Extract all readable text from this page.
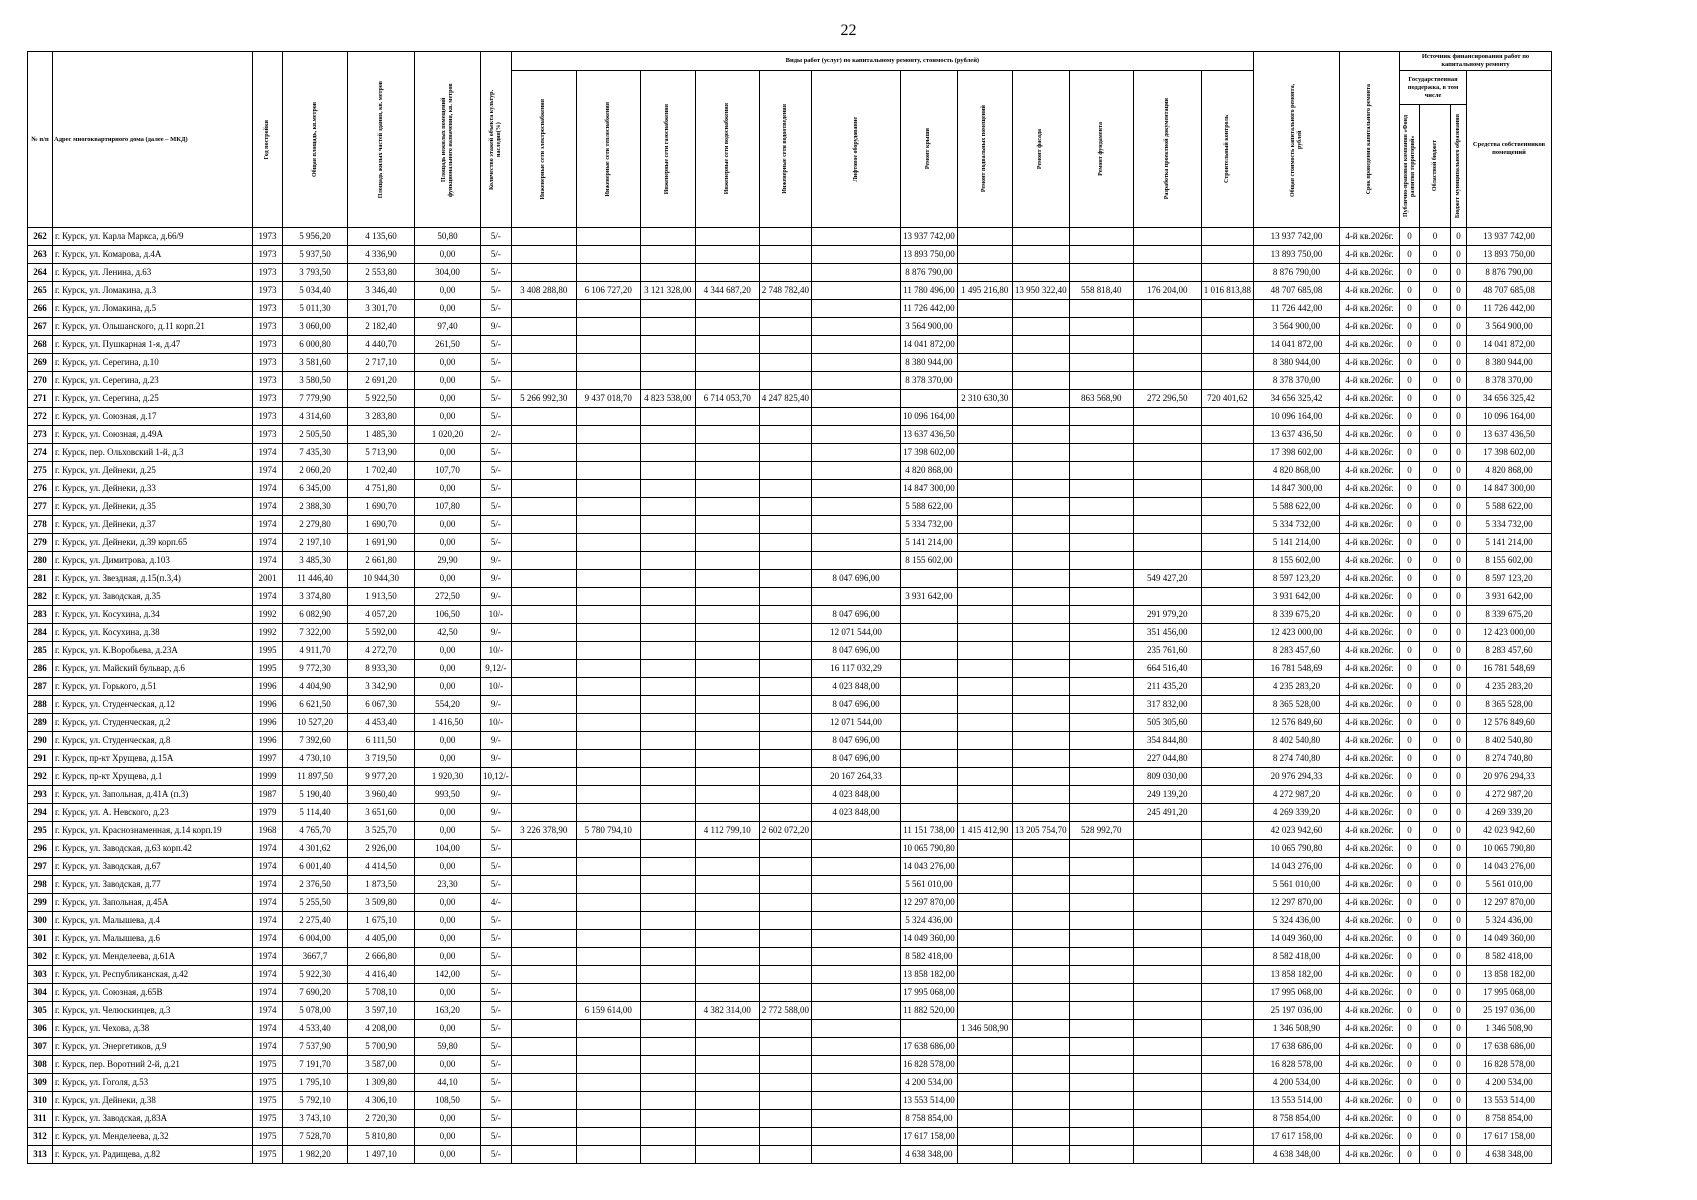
22
№ п/п	Адрес многоквартирного дома (далее – МКД)	Год постройки	Общая площадь, кв.метров	Площадь жилых частей здания, кв. метров	Площадь нежилых помещений функционального назначения, кв. метров	Количество этажей объекта культур. наследия(%)	Виды работ (услуг) по капитальному ремонту, стоимость (рублей)												Общая стоимость капитального ремонта, рублей	Срок проведения капитального ремонта	Источник финансирования работ по капитальному ремонту			

							Инженерные сети электроснабжения	Инженерные сети теплоснабжения	Инженерные сети газоснабжения	Инженерные сети водоснабжения	Инженерные сети водоотведения	Лифтовое оборудование	Ремонт крыши	Ремонт подвальных помещений	Ремонт фасада	Ремонт фундамента	Разработка проектной документации	Строительный контроль			Государственная поддержка, в том числе			Средства собственников помещений

																					Публично-правовая компания «Фонд развития территорий»	Областной бюджет	Бюджет муниципального образования	

262	г. Курск, ул. Карла Маркса, д.66/9	1973	5 956,20	4 135,60	50,80	5/-							13 937 742,00						13 937 742,00	4-й кв.2026г.	0	0	0	13 937 742,00
263	г. Курск, ул. Комарова, д.4А	1973	5 937,50	4 336,90	0,00	5/-							13 893 750,00						13 893 750,00	4-й кв.2026г.	0	0	0	13 893 750,00
264	г. Курск, ул. Ленина, д.63	1973	3 793,50	2 553,80	304,00	5/-							8 876 790,00						8 876 790,00	4-й кв.2026г.	0	0	0	8 876 790,00
265	г. Курск, ул. Ломакина, д.3	1973	5 034,40	3 346,40	0,00	5/-	3 408 288,80	6 106 727,20	3 121 328,00	4 344 687,20	2 748 782,40		11 780 496,00	1 495 216,80	13 950 322,40	558 818,40	176 204,00	1 016 813,88	48 707 685,08	4-й кв.2026г.	0	0	0	48 707 685,08
266	г. Курск, ул. Ломакина, д.5	1973	5 011,30	3 301,70	0,00	5/-							11 726 442,00						11 726 442,00	4-й кв.2026г.	0	0	0	11 726 442,00
267	г. Курск, ул. Ольшанского, д.11 корп.21	1973	3 060,00	2 182,40	97,40	9/-							3 564 900,00						3 564 900,00	4-й кв.2026г.	0	0	0	3 564 900,00
268	г. Курск, ул. Пушкарная 1-я, д.47	1973	6 000,80	4 440,70	261,50	5/-							14 041 872,00						14 041 872,00	4-й кв.2026г.	0	0	0	14 041 872,00
269	г. Курск, ул. Серегина, д.10	1973	3 581,60	2 717,10	0,00	5/-							8 380 944,00						8 380 944,00	4-й кв.2026г.	0	0	0	8 380 944,00
270	г. Курск, ул. Серегина, д.23	1973	3 580,50	2 691,20	0,00	5/-							8 378 370,00						8 378 370,00	4-й кв.2026г.	0	0	0	8 378 370,00
271	г. Курск, ул. Серегина, д.25	1973	7 779,90	5 922,50	0,00	5/-	5 266 992,30	9 437 018,70	4 823 538,00	6 714 053,70	4 247 825,40			2 310 630,30		863 568,90	272 296,50	720 401,62	34 656 325,42	4-й кв.2026г.	0	0	0	34 656 325,42
272	г. Курск, ул. Союзная, д.17	1973	4 314,60	3 283,80	0,00	5/-							10 096 164,00						10 096 164,00	4-й кв.2026г.	0	0	0	10 096 164,00
273	г. Курск, ул. Союзная, д.49А	1973	2 505,50	1 485,30	1 020,20	2/-							13 637 436,50						13 637 436,50	4-й кв.2026г.	0	0	0	13 637 436,50
274	г. Курск, пер. Ольховский 1-й, д.3	1974	7 435,30	5 713,90	0,00	5/-							17 398 602,00						17 398 602,00	4-й кв.2026г.	0	0	0	17 398 602,00
275	г. Курск, ул. Дейнеки, д.25	1974	2 060,20	1 702,40	107,70	5/-							4 820 868,00						4 820 868,00	4-й кв.2026г.	0	0	0	4 820 868,00
276	г. Курск, ул. Дейнеки, д.33	1974	6 345,00	4 751,80	0,00	5/-							14 847 300,00						14 847 300,00	4-й кв.2026г.	0	0	0	14 847 300,00
277	г. Курск, ул. Дейнеки, д.35	1974	2 388,30	1 690,70	107,80	5/-							5 588 622,00						5 588 622,00	4-й кв.2026г.	0	0	0	5 588 622,00
278	г. Курск, ул. Дейнеки, д.37	1974	2 279,80	1 690,70	0,00	5/-							5 334 732,00						5 334 732,00	4-й кв.2026г.	0	0	0	5 334 732,00
279	г. Курск, ул. Дейнеки, д.39 корп.65	1974	2 197,10	1 691,90	0,00	5/-							5 141 214,00						5 141 214,00	4-й кв.2026г.	0	0	0	5 141 214,00
280	г. Курск, ул. Димитрова, д.103	1974	3 485,30	2 661,80	29,90	9/-							8 155 602,00						8 155 602,00	4-й кв.2026г.	0	0	0	8 155 602,00
281	г. Курск, ул. Звездная, д.15(п.3,4)	2001	11 446,40	10 944,30	0,00	9/-						8 047 696,00					549 427,20		8 597 123,20	4-й кв.2026г.	0	0	0	8 597 123,20
282	г. Курск, ул. Заводская, д.35	1974	3 374,80	1 913,50	272,50	9/-							3 931 642,00						3 931 642,00	4-й кв.2026г.	0	0	0	3 931 642,00
283	г. Курск, ул. Косухина, д.34	1992	6 082,90	4 057,20	106,50	10/-						8 047 696,00					291 979,20		8 339 675,20	4-й кв.2026г.	0	0	0	8 339 675,20
284	г. Курск, ул. Косухина, д.38	1992	7 322,00	5 592,00	42,50	9/-						12 071 544,00					351 456,00		12 423 000,00	4-й кв.2026г.	0	0	0	12 423 000,00
285	г. Курск, ул. К.Воробьева, д.23А	1995	4 911,70	4 272,70	0,00	10/-						8 047 696,00					235 761,60		8 283 457,60	4-й кв.2026г.	0	0	0	8 283 457,60
286	г. Курск, ул. Майский бульвар, д.6	1995	9 772,30	8 933,30	0,00	9,12/-						16 117 032,29					664 516,40		16 781 548,69	4-й кв.2026г.	0	0	0	16 781 548,69
287	г. Курск, ул. Горького, д.51	1996	4 404,90	3 342,90	0,00	10/-						4 023 848,00					211 435,20		4 235 283,20	4-й кв.2026г.	0	0	0	4 235 283,20
288	г. Курск, ул. Студенческая, д.12	1996	6 621,50	6 067,30	554,20	9/-						8 047 696,00					317 832,00		8 365 528,00	4-й кв.2026г.	0	0	0	8 365 528,00
289	г. Курск, ул. Студенческая, д.2	1996	10 527,20	4 453,40	1 416,50	10/-						12 071 544,00					505 305,60		12 576 849,60	4-й кв.2026г.	0	0	0	12 576 849,60
290	г. Курск, ул. Студенческая, д.8	1996	7 392,60	6 111,50	0,00	9/-						8 047 696,00					354 844,80		8 402 540,80	4-й кв.2026г.	0	0	0	8 402 540,80
291	г. Курск, пр-кт Хрущева, д.15А	1997	4 730,10	3 719,50	0,00	9/-						8 047 696,00					227 044,80		8 274 740,80	4-й кв.2026г.	0	0	0	8 274 740,80
292	г. Курск, пр-кт Хрущева, д.1	1999	11 897,50	9 977,20	1 920,30	10,12/-						20 167 264,33					809 030,00		20 976 294,33	4-й кв.2026г.	0	0	0	20 976 294,33
293	г. Курск, ул. Запольная, д.41А (п.3)	1987	5 190,40	3 960,40	993,50	9/-						4 023 848,00					249 139,20		4 272 987,20	4-й кв.2026г.	0	0	0	4 272 987,20
294	г. Курск, ул. А. Невского, д.23	1979	5 114,40	3 651,60	0,00	9/-						4 023 848,00					245 491,20		4 269 339,20	4-й кв.2026г.	0	0	0	4 269 339,20
295	г. Курск, ул. Краснознаменная, д.14 корп.19	1968	4 765,70	3 525,70	0,00	5/-	3 226 378,90	5 780 794,10		4 112 799,10	2 602 072,20		11 151 738,00	1 415 412,90	13 205 754,70	528 992,70			42 023 942,60	4-й кв.2026г.	0	0	0	42 023 942,60
296	г. Курск, ул. Заводская, д.63 корп.42	1974	4 301,62	2 926,00	104,00	5/-							10 065 790,80						10 065 790,80	4-й кв.2026г.	0	0	0	10 065 790,80
297	г. Курск, ул. Заводская, д.67	1974	6 001,40	4 414,50	0,00	5/-							14 043 276,00						14 043 276,00	4-й кв.2026г.	0	0	0	14 043 276,00
298	г. Курск, ул. Заводская, д.77	1974	2 376,50	1 873,50	23,30	5/-							5 561 010,00						5 561 010,00	4-й кв.2026г.	0	0	0	5 561 010,00
299	г. Курск, ул. Запольная, д.45А	1974	5 255,50	3 509,80	0,00	4/-							12 297 870,00						12 297 870,00	4-й кв.2026г.	0	0	0	12 297 870,00
300	г. Курск, ул. Малышева, д.4	1974	2 275,40	1 675,10	0,00	5/-							5 324 436,00						5 324 436,00	4-й кв.2026г.	0	0	0	5 324 436,00
301	г. Курск, ул. Малышева, д.6	1974	6 004,00	4 405,00	0,00	5/-							14 049 360,00						14 049 360,00	4-й кв.2026г.	0	0	0	14 049 360,00
302	г. Курск, ул. Менделеева, д.61А	1974	3667,7	2 666,80	0,00	5/-							8 582 418,00						8 582 418,00	4-й кв.2026г.	0	0	0	8 582 418,00
303	г. Курск, ул. Республиканская, д.42	1974	5 922,30	4 416,40	142,00	5/-							13 858 182,00						13 858 182,00	4-й кв.2026г.	0	0	0	13 858 182,00
304	г. Курск, ул. Союзная, д.65В	1974	7 690,20	5 708,10	0,00	5/-							17 995 068,00						17 995 068,00	4-й кв.2026г.	0	0	0	17 995 068,00
305	г. Курск, ул. Челюскинцев, д.3	1974	5 078,00	3 597,10	163,20	5/-		6 159 614,00		4 382 314,00	2 772 588,00		11 882 520,00						25 197 036,00	4-й кв.2026г.	0	0	0	25 197 036,00
306	г. Курск, ул. Чехова, д.38	1974	4 533,40	4 208,00	0,00	5/-								1 346 508,90					1 346 508,90	4-й кв.2026г.	0	0	0	1 346 508,90
307	г. Курск, ул. Энергетиков, д.9	1974	7 537,90	5 700,90	59,80	5/-							17 638 686,00						17 638 686,00	4-й кв.2026г.	0	0	0	17 638 686,00
308	г. Курск, пер. Воротний 2-й, д.21	1975	7 191,70	3 587,00	0,00	5/-							16 828 578,00						16 828 578,00	4-й кв.2026г.	0	0	0	16 828 578,00
309	г. Курск, ул. Гоголя, д.53	1975	1 795,10	1 309,80	44,10	5/-							4 200 534,00						4 200 534,00	4-й кв.2026г.	0	0	0	4 200 534,00
310	г. Курск, ул. Дейнеки, д.38	1975	5 792,10	4 306,10	108,50	5/-							13 553 514,00						13 553 514,00	4-й кв.2026г.	0	0	0	13 553 514,00
311	г. Курск, ул. Заводская, д.83А	1975	3 743,10	2 720,30	0,00	5/-							8 758 854,00						8 758 854,00	4-й кв.2026г.	0	0	0	8 758 854,00
312	г. Курск, ул. Менделеева, д.32	1975	7 528,70	5 810,80	0,00	5/-							17 617 158,00						17 617 158,00	4-й кв.2026г.	0	0	0	17 617 158,00
313	г. Курск, ул. Радищева, д.82	1975	1 982,20	1 497,10	0,00	5/-							4 638 348,00						4 638 348,00	4-й кв.2026г.	0	0	0	4 638 348,00
